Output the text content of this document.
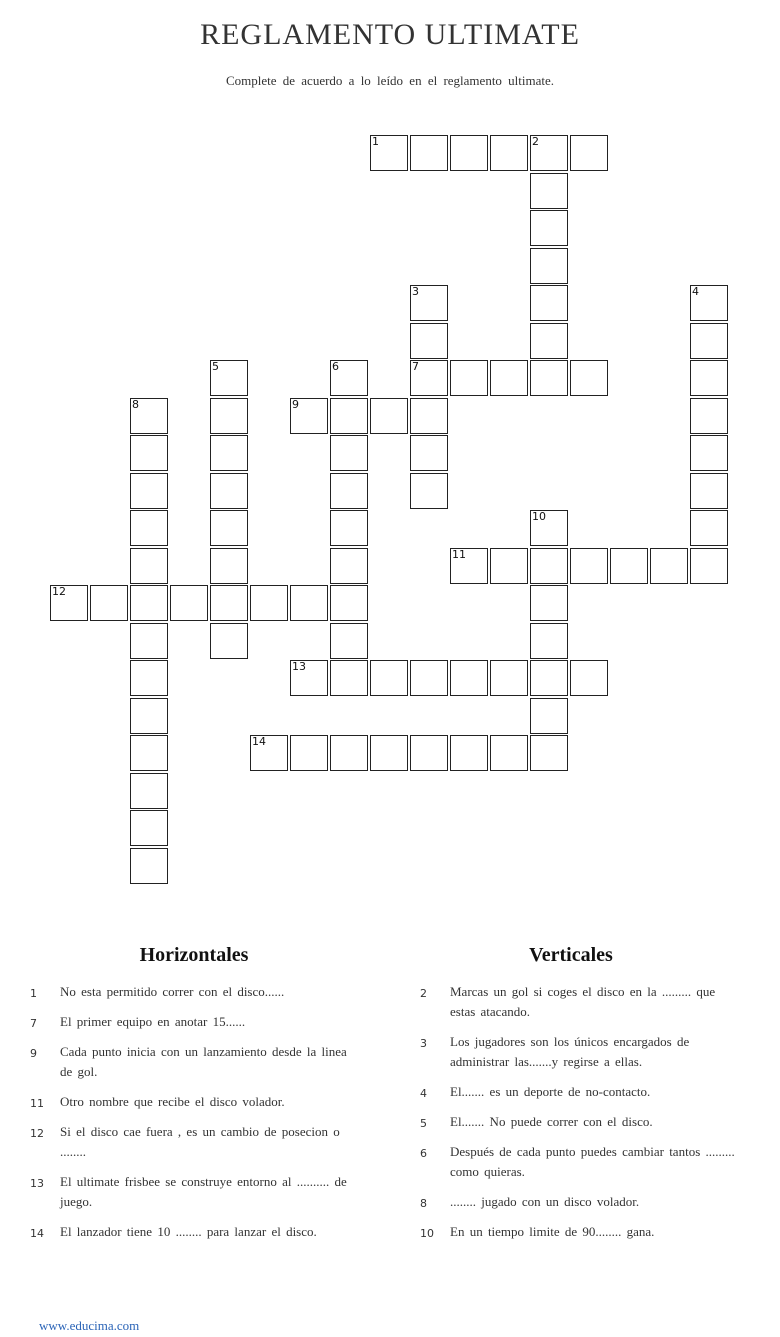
REGLAMENTO ULTIMATE
Complete de acuerdo a lo leído en el reglamento ultimate.
1	2
7
9
11
12
13
14
3	4
5	6
8
10
Horizontales	Verticales
1	No esta permitido correr con el disco......
7	El primer equipo en anotar 15......
9	Cada punto inicia con un lanzamiento desde la linea de gol.
11	Otro nombre que recibe el disco volador.
12	Si el disco cae fuera , es un cambio de posecion o ........
13	El ultimate frisbee se construye entorno al .......... de juego.
14	El lanzador tiene 10 ........ para lanzar el disco.
2	Marcas un gol si coges el disco en la ......... que estas atacando.
3	Los jugadores son los únicos encargados de administrar las.......y regirse a ellas.
4	El....... es un deporte de no-contacto.
5	El....... No puede correr con el disco.
6	Después de cada punto puedes cambiar tantos ......... como quieras.
8	........ jugado con un disco volador.
10	En un tiempo limite de 90........ gana.
www.educima.com
